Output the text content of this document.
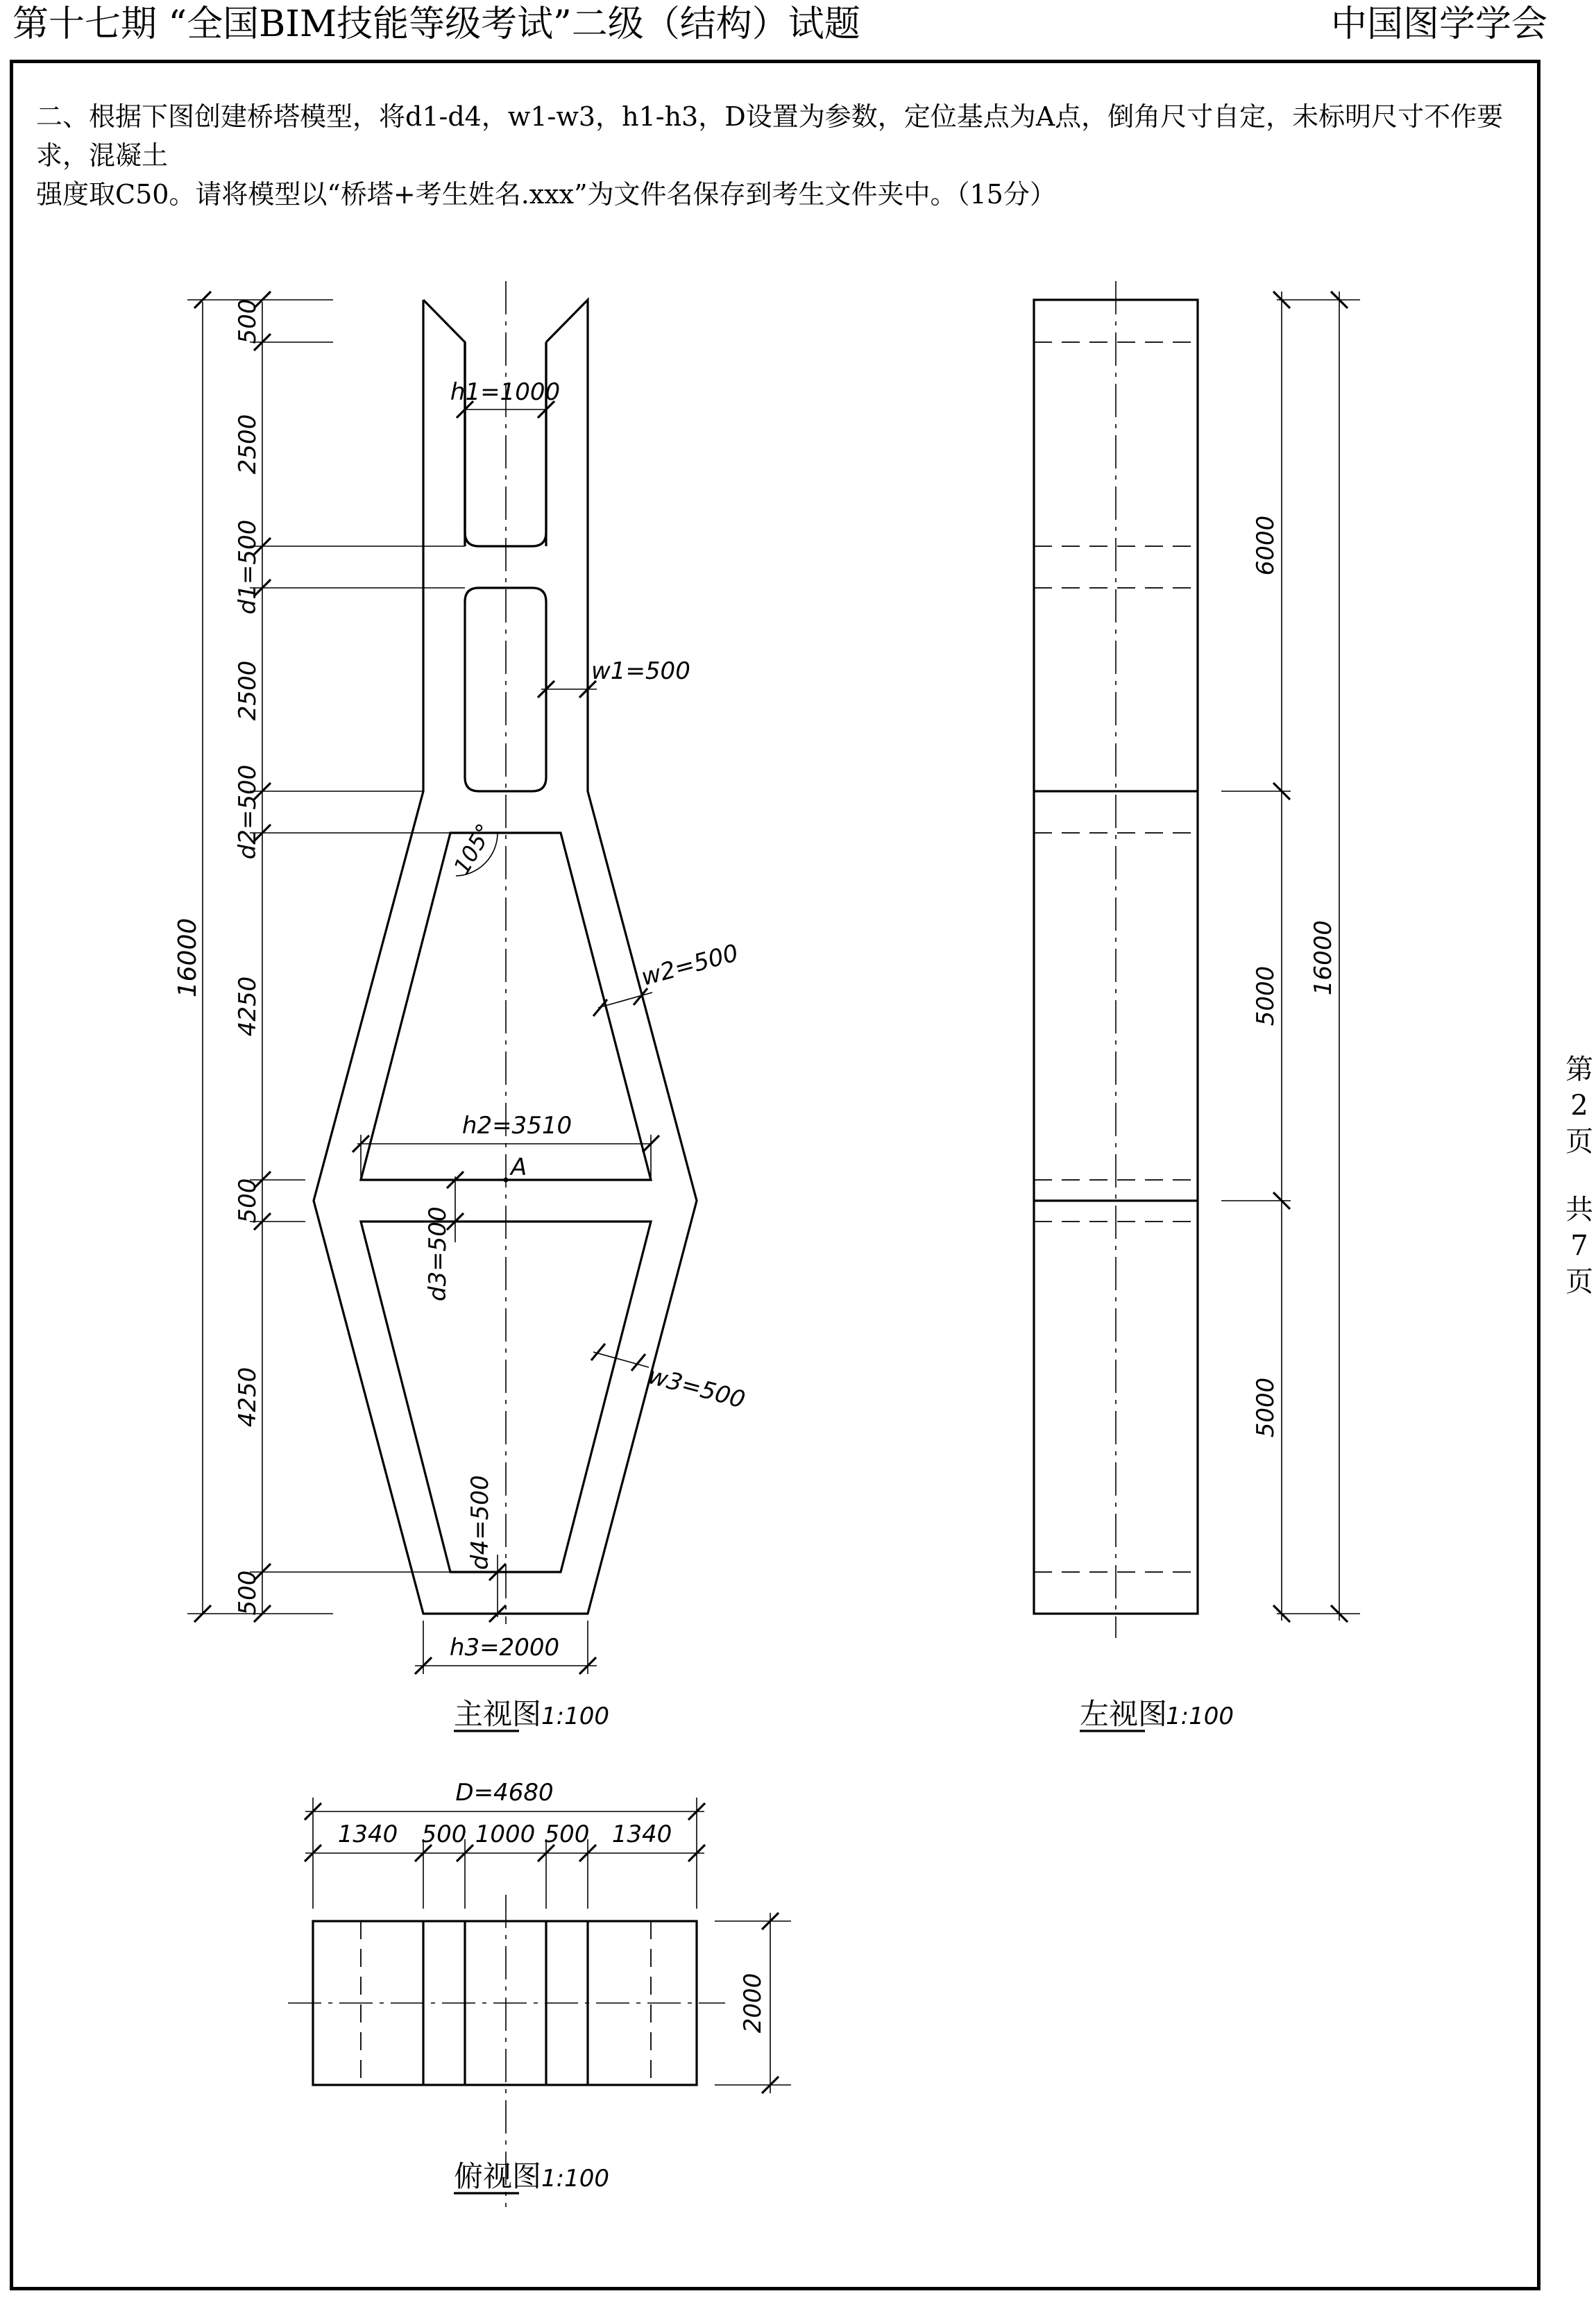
第十七期 “全国BIM技能等级考试”二级（结构）试题	中国图学学会
二、根据下图创建桥塔模型，将d1-d4，w1-w3，h1-h3，D设置为参数，定位基点为A点，倒角尺寸自定，未标明尺寸不作要求，混凝土
强度取C50。请将模型以“桥塔+考生姓名.xxx”为文件名保存到考生文件夹中。（15分）
第
2
页
共
7
页
16000
500
2500
d1=500
2500
d2=500
4250
500
4250
500
h1=1000
w1=500
105°
w2=500
h2=3510
A
d3=500
w3=500
d4=500
h3=2000
主视图 1:100
6000
5000
5000
16000
左视图
1:100
D=4680
1340 500 1000 500 1340
2000
俯视图 1:100
